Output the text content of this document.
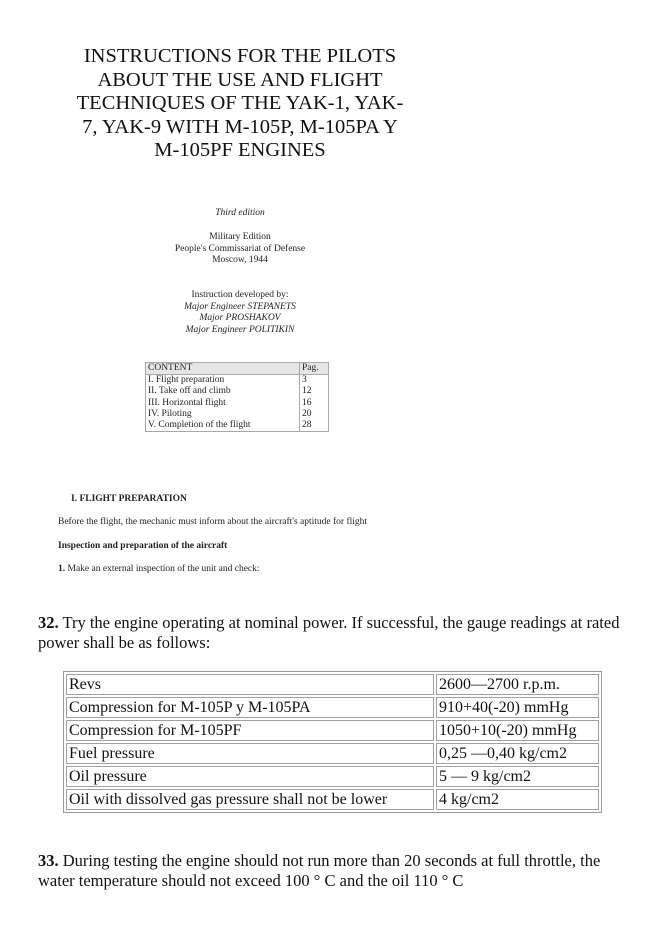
INSTRUCTIONS FOR THE PILOTS
ABOUT THE USE AND FLIGHT
TECHNIQUES OF THE YAK-1, YAK-
7, YAK-9 WITH M-105P, M-105PA Y
M-105PF ENGINES
Third edition
Military Edition
People's Commissariat of Defense
Moscow, 1944
Instruction developed by:
Major Engineer STEPANETS
Major PROSHAKOV
Major Engineer POLITIKIN
CONTENT	Pag.
I. Flight preparation	3
II. Take off and climb	12
III. Horizontal flight	16
IV. Piloting	20
V. Completion of the flight	28
I. FLIGHT PREPARATION
Before the flight, the mechanic must inform about the aircraft's aptitude for flight
Inspection and preparation of the aircraft
1. Make an external inspection of the unit and check:
32. Try the engine operating at nominal power. If successful, the gauge readings at rated power shall be as follows:
Revs	2600—2700 r.p.m.
Compression for M-105P y M-105PA	910+40(-20) mmHg
Compression for M-105PF	1050+10(-20) mmHg
Fuel pressure	0,25 —0,40 kg/cm2
Oil pressure	5 — 9 kg/cm2
Oil with dissolved gas pressure shall not be lower	4 kg/cm2
33. During testing the engine should not run more than 20 seconds at full throttle, the water temperature should not exceed 100 ° C and the oil 110 ° C
